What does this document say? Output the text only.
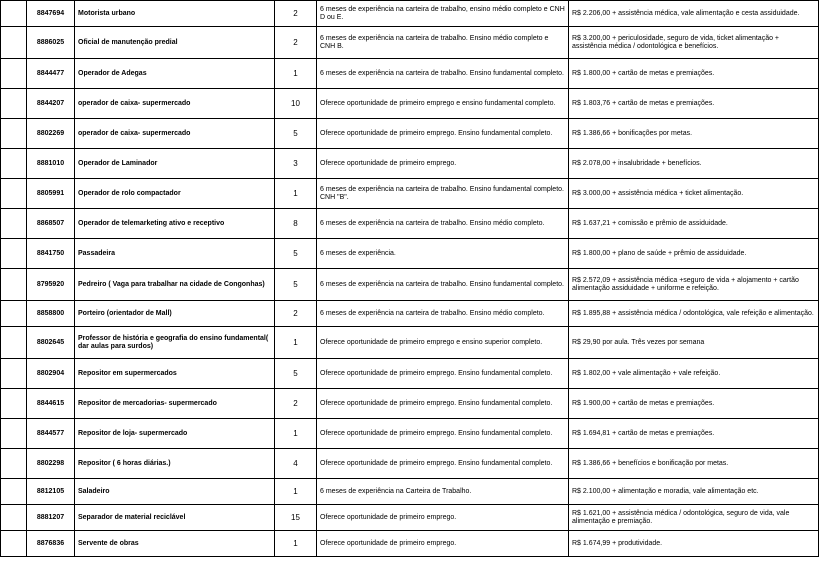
	8847694	Motorista urbano	2	6 meses de experiência na carteira de trabalho, ensino médio completo e CNH D ou E.	R$ 2.206,00 + assistência médica, vale alimentação e cesta assiduidade.
	8886025	Oficial de manutenção predial	2	6 meses de experiência na carteira de trabalho. Ensino médio completo e CNH B.	R$ 3.200,00 + periculosidade, seguro de vida, ticket alimentação + assistência médica / odontológica e benefícios.
	8844477	Operador de Adegas	1	6 meses de experiência na carteira de trabalho. Ensino fundamental completo.	R$ 1.800,00 + cartão de metas e premiações.
	8844207	operador de caixa- supermercado	10	Oferece oportunidade de primeiro emprego e ensino fundamental completo.	R$ 1.803,76 + cartão de metas e premiações.
	8802269	operador de caixa- supermercado	5	Oferece oportunidade de primeiro emprego. Ensino fundamental completo.	R$ 1.386,66 + bonificações por metas.
	8881010	Operador de Laminador	3	Oferece oportunidade de primeiro emprego.	R$ 2.078,00 + insalubridade + benefícios.
	8805991	Operador de rolo compactador	1	6 meses de experiência na carteira de trabalho. Ensino fundamental completo. CNH "B".	R$ 3.000,00 + assistência médica + ticket alimentação.
	8868507	Operador de telemarketing ativo e receptivo	8	6 meses de experiência na carteira de trabalho. Ensino médio completo.	R$ 1.637,21 + comissão e prêmio de assiduidade.
	8841750	Passadeira	5	6 meses de experiência.	R$ 1.800,00 + plano de saúde + prêmio de assiduidade.
	8795920	Pedreiro ( Vaga para trabalhar na cidade de Congonhas)	5	6 meses de experiência na carteira de trabalho. Ensino fundamental completo.	R$ 2.572,09 + assistência médica +seguro de vida + alojamento + cartão alimentação assiduidade + uniforme e refeição.
	8858800	Porteiro (orientador de Mall)	2	6 meses de experiência na carteira de trabalho. Ensino médio completo.	R$ 1.895,88 + assistência médica / odontológica, vale refeição e alimentação.
	8802645	Professor de história e geografia do ensino fundamental( dar aulas para surdos)	1	Oferece oportunidade de primeiro emprego e ensino superior completo.	R$ 29,90 por aula. Três vezes por semana
	8802904	Repositor em supermercados	5	Oferece oportunidade de primeiro emprego. Ensino fundamental completo.	R$ 1.802,00 + vale alimentação + vale refeição.
	8844615	Repositor de mercadorias- supermercado	2	Oferece oportunidade de primeiro emprego. Ensino fundamental completo.	R$ 1.900,00 + cartão de metas e premiações.
	8844577	Repositor de loja- supermercado	1	Oferece oportunidade de primeiro emprego. Ensino fundamental completo.	R$ 1.694,81 + cartão de metas e premiações.
	8802298	Repositor ( 6 horas diárias.)	4	Oferece oportunidade de primeiro emprego. Ensino fundamental completo.	R$ 1.386,66 + benefícios e bonificação por metas.
	8812105	Saladeiro	1	6 meses de experiência na Carteira de Trabalho.	R$ 2.100,00 + alimentação e moradia, vale alimentação etc.
	8881207	Separador de material reciclável	15	Oferece oportunidade de primeiro emprego.	R$ 1.621,00 + assistência médica / odontológica, seguro de vida, vale alimentação e premiação.
	8876836	Servente de obras	1	Oferece oportunidade de primeiro emprego.	R$ 1.674,99 + produtividade.
